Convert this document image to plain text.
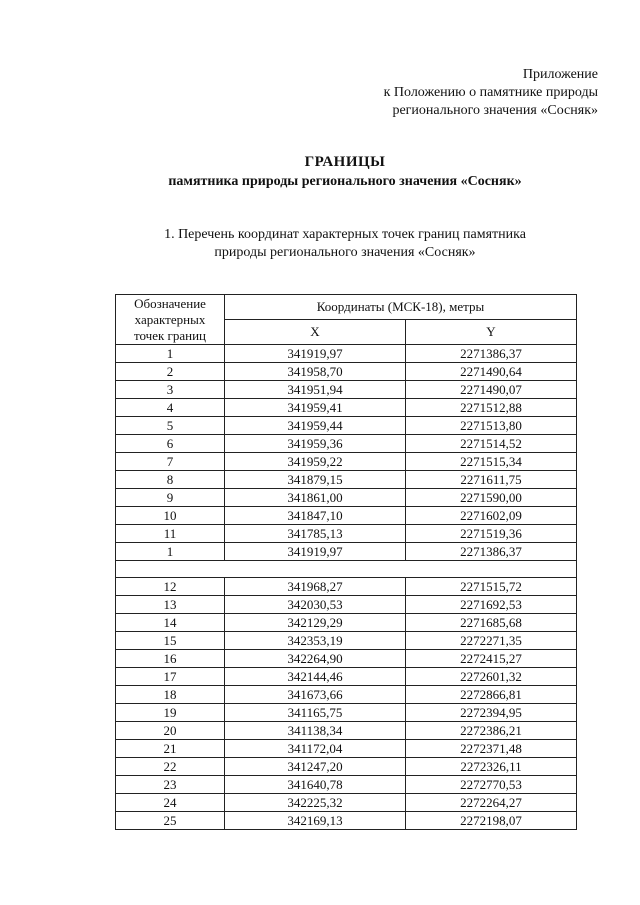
Приложение
к Положению о памятнике природы
регионального значения «Сосняк»
ГРАНИЦЫ
памятника природы регионального значения «Сосняк»
1. Перечень координат характерных точек границ памятника
природы регионального значения «Сосняк»
Обозначение характерных точек границ	Координаты (МСК-18), метры	
	X	Y
1	341919,97	2271386,37
2	341958,70	2271490,64
3	341951,94	2271490,07
4	341959,41	2271512,88
5	341959,44	2271513,80
6	341959,36	2271514,52
7	341959,22	2271515,34
8	341879,15	2271611,75
9	341861,00	2271590,00
10	341847,10	2271602,09
11	341785,13	2271519,36
1	341919,97	2271386,37

12	341968,27	2271515,72
13	342030,53	2271692,53
14	342129,29	2271685,68
15	342353,19	2272271,35
16	342264,90	2272415,27
17	342144,46	2272601,32
18	341673,66	2272866,81
19	341165,75	2272394,95
20	341138,34	2272386,21
21	341172,04	2272371,48
22	341247,20	2272326,11
23	341640,78	2272770,53
24	342225,32	2272264,27
25	342169,13	2272198,07
